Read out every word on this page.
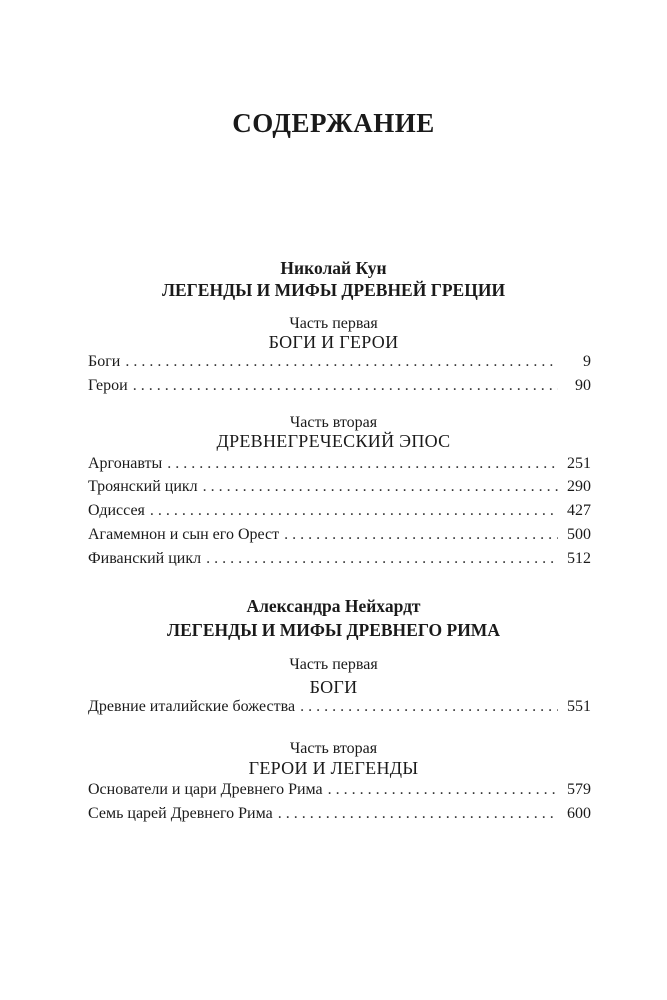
СОДЕРЖАНИЕ
Николай Кун
ЛЕГЕНДЫ И МИФЫ ДРЕВНЕЙ ГРЕЦИИ
Часть первая
БОГИ И ГЕРОИ
Боги . . .	9
Герои . . .	90
Часть вторая
ДРЕВНЕГРЕЧЕСКИЙ ЭПОС
Аргонавты . . .	251
Троянский цикл . . .	290
Одиссея . . .	427
Агамемнон и сын его Орест . . .	500
Фиванский цикл . . .	512
Александра Нейхардт
ЛЕГЕНДЫ И МИФЫ ДРЕВНЕГО РИМА
Часть первая
БОГИ
Древние италийские божества . . .	551
Часть вторая
ГЕРОИ И ЛЕГЕНДЫ
Основатели и цари Древнего Рима . . .	579
Семь царей Древнего Рима . . .	600
